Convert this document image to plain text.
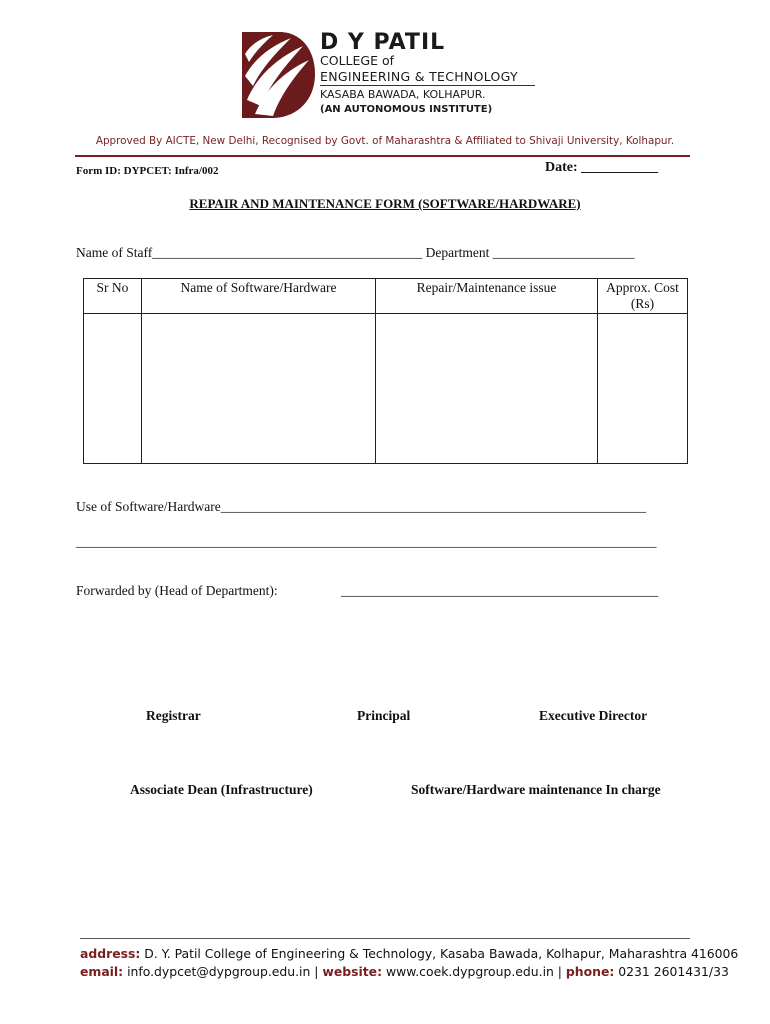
D Y PATIL
COLLEGE of
ENGINEERING & TECHNOLOGY
KASABA BAWADA, KOLHAPUR.
(AN AUTONOMOUS INSTITUTE)
Approved By AICTE, New Delhi, Recognised by Govt. of Maharashtra & Affiliated to Shivaji University, Kolhapur.
Form ID: DYPCET: Infra/002	Date: ___________
REPAIR AND MAINTENANCE FORM (SOFTWARE/HARDWARE)
Name of Staff________________________________________ Department _____________________
Sr No	Name of Software/Hardware	Repair/Maintenance issue	Approx. Cost (Rs)

Use of Software/Hardware_______________________________________________________________
______________________________________________________________________________________
Forwarded by (Head of Department):	_______________________________________________
Registrar	Principal	Executive Director
Associate Dean (Infrastructure)	Software/Hardware maintenance In charge
address: D. Y. Patil College of Engineering & Technology, Kasaba Bawada, Kolhapur, Maharashtra 416006
email: info.dypcet@dypgroup.edu.in | website: www.coek.dypgroup.edu.in | phone: 0231 2601431/33
